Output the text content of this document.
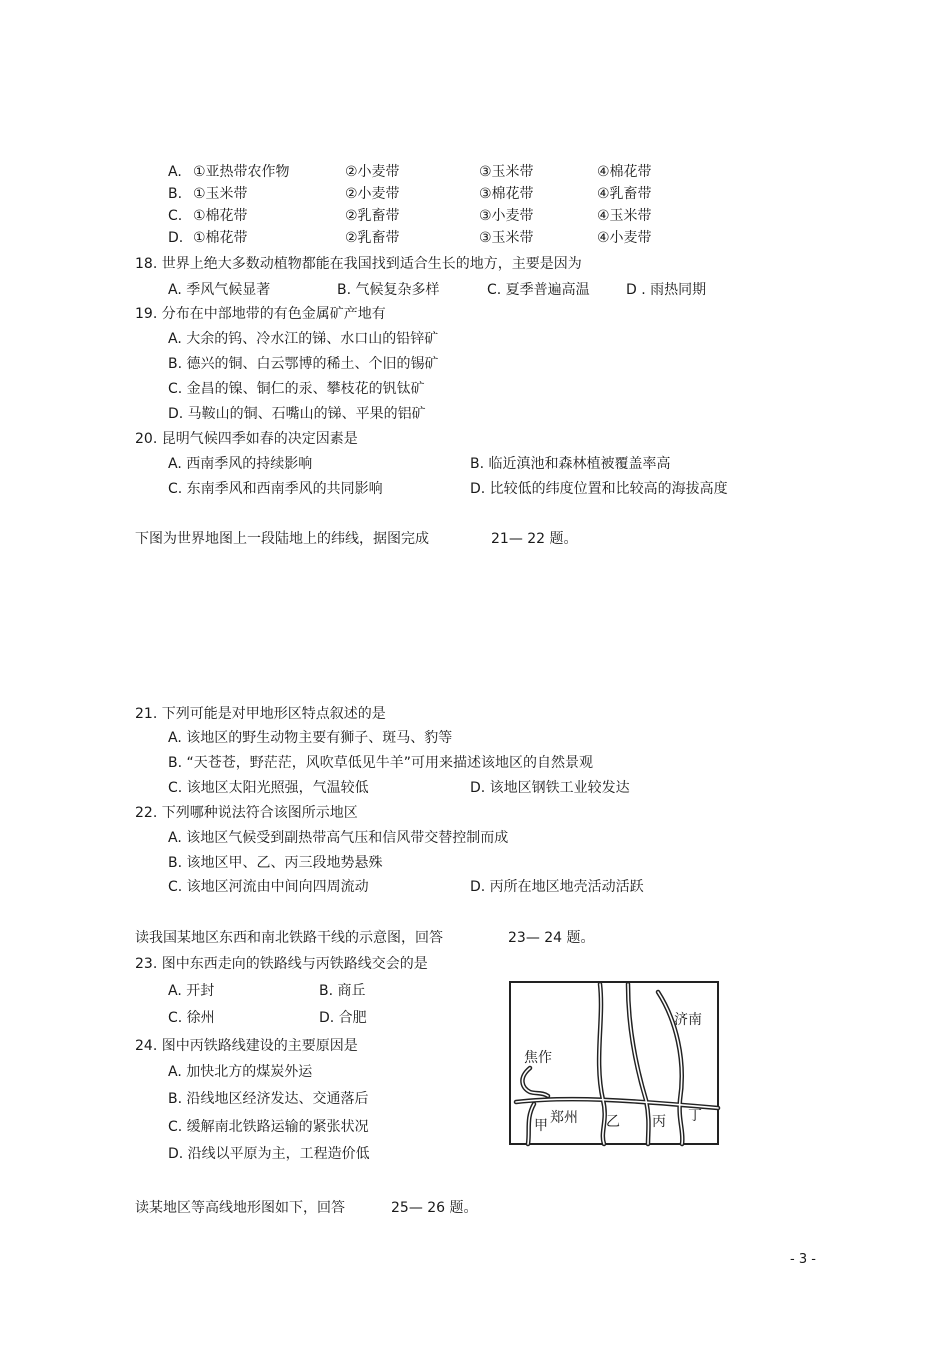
A. ①亚热带农作物	②小麦带	③玉米带	④棉花带
B. ①玉米带	②小麦带	③棉花带	④乳畜带
C. ①棉花带	②乳畜带	③小麦带	④玉米带
D. ①棉花带	②乳畜带	③玉米带	④小麦带
18. 世界上绝大多数动植物都能在我国找到适合生长的地方，主要是因为
A. 季风气候显著	B. 气候复杂多样	C. 夏季普遍高温	D . 雨热同期
19. 分布在中部地带的有色金属矿产地有
A. 大余的钨、冷水江的锑、水口山的铅锌矿
B. 德兴的铜、白云鄂博的稀土、个旧的锡矿
C. 金昌的镍、铜仁的汞、攀枝花的钒钛矿
D. 马鞍山的铜、石嘴山的锑、平果的铝矿
20. 昆明气候四季如春的决定因素是
A. 西南季风的持续影响	B. 临近滇池和森林植被覆盖率高
C. 东南季风和西南季风的共同影响	D. 比较低的纬度位置和比较高的海拔高度
下图为世界地图上一段陆地上的纬线，据图完成	21— 22 题。
21. 下列可能是对甲地形区特点叙述的是
A. 该地区的野生动物主要有狮子、斑马、豹等
B. “天苍苍，野茫茫，风吹草低见牛羊”可用来描述该地区的自然景观
C. 该地区太阳光照强，气温较低	D. 该地区钢铁工业较发达
22. 下列哪种说法符合该图所示地区
A. 该地区气候受到副热带高气压和信风带交替控制而成
B. 该地区甲、乙、丙三段地势悬殊
C. 该地区河流由中间向四周流动	D. 丙所在地区地壳活动活跃
读我国某地区东西和南北铁路干线的示意图，回答	23— 24 题。
23. 图中东西走向的铁路线与丙铁路线交会的是
A. 开封	B. 商丘
C. 徐州	D. 合肥
24. 图中丙铁路线建设的主要原因是
A. 加快北方的煤炭外运
B. 沿线地区经济发达、交通落后
C. 缓解南北铁路运输的紧张状况
D. 沿线以平原为主，工程造价低
济南
焦作
郑州
甲	乙 丙 丁
读某地区等高线地形图如下，回答	25— 26 题。
- 3 -
